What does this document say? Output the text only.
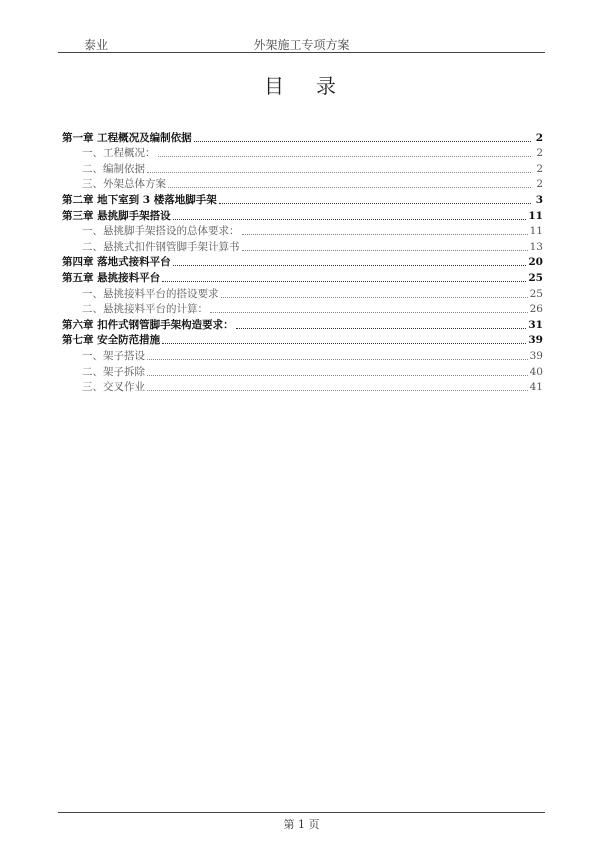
泰业	外架施工专项方案
目录
第一章 工程概况及编制依据	2
一、工程概况：	2
二、编制依据	2
三、外架总体方案	2
第二章 地下室到 3 楼落地脚手架	3
第三章 悬挑脚手架搭设	11
一、悬挑脚手架搭设的总体要求：	11
二、悬挑式扣件钢管脚手架计算书	13
第四章 落地式接料平台	20
第五章 悬挑接料平台	25
一、悬挑接料平台的搭设要求	25
二、悬挑接料平台的计算：	26
第六章 扣件式钢管脚手架构造要求：	31
第七章 安全防范措施	39
一、架子搭设	39
二、架子拆除	40
三、交叉作业	41
第 1 页
